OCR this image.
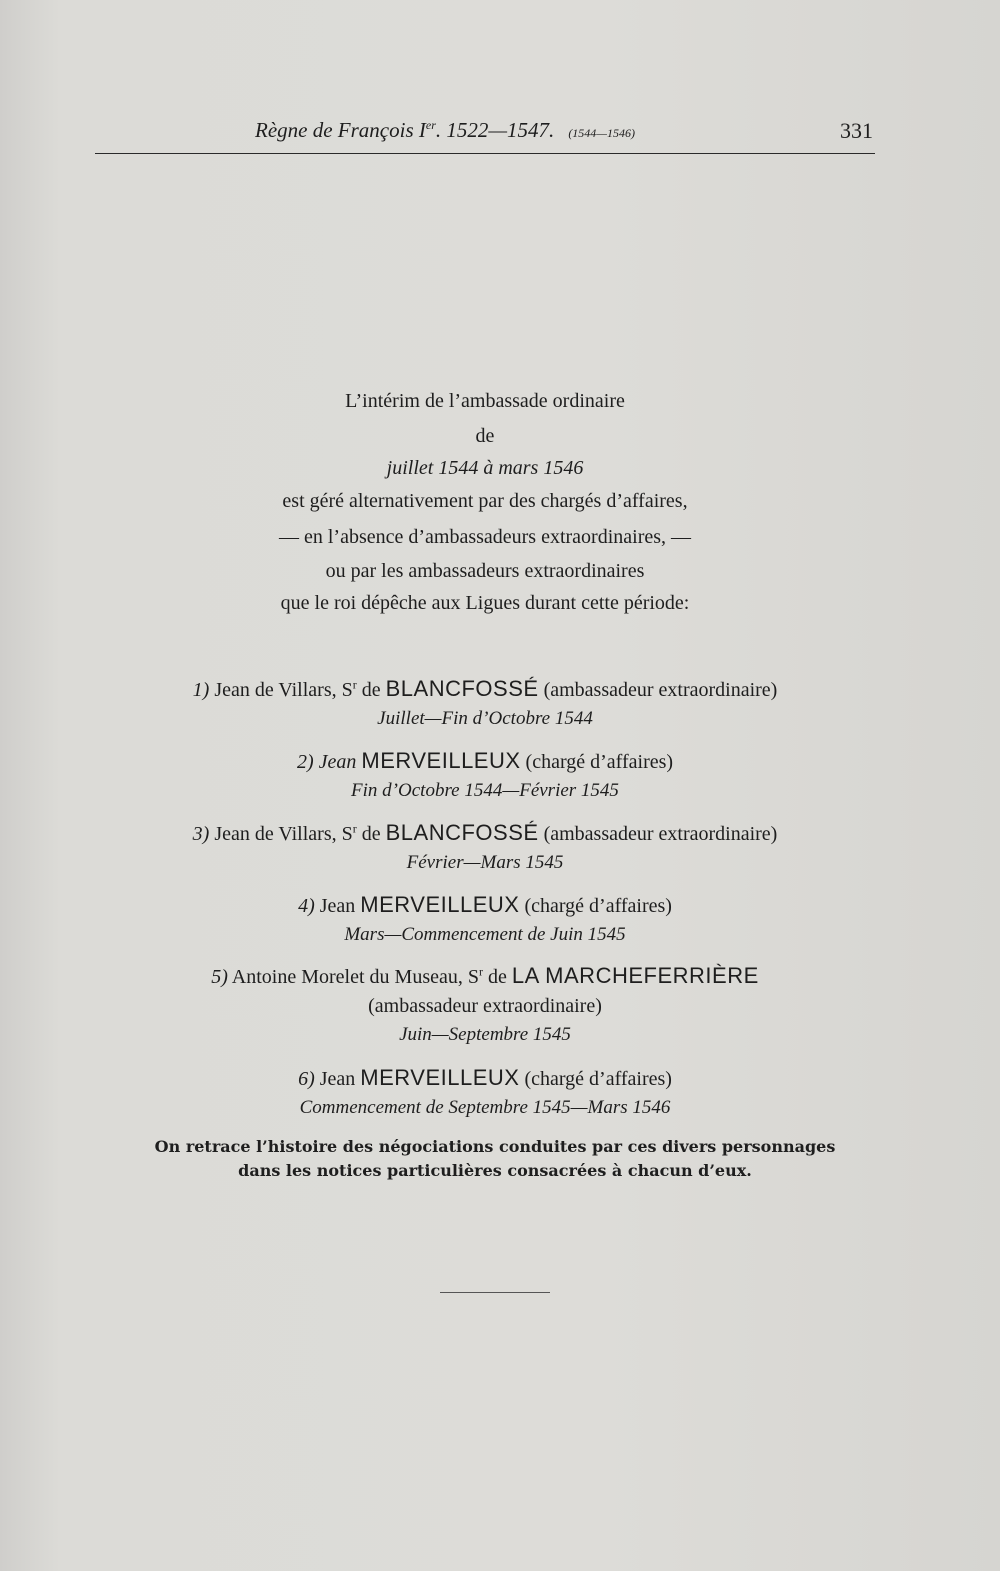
Règne de François Ier. 1522—1547. (1544—1546)	331
L’intérim de l’ambassade ordinaire
de
juillet 1544 à mars 1546
est géré alternativement par des chargés d’affaires,
— en l’absence d’ambassadeurs extraordinaires, —
ou par les ambassadeurs extraordinaires
que le roi dépêche aux Ligues durant cette période:
1) Jean de Villars, $S^r$ de BLANCFOSSÉ (ambassadeur extraordinaire)
Juillet—Fin d’Octobre 1544
2) Jean MERVEILLEUX (chargé d’affaires)
Fin d’Octobre 1544—Février 1545
3) Jean de Villars, $S^r$ de BLANCFOSSÉ (ambassadeur extraordinaire)
Février—Mars 1545
4) Jean MERVEILLEUX (chargé d’affaires)
Mars—Commencement de Juin 1545
5) Antoine Morelet du Museau, $S^r$ de LA MARCHEFERRIÈRE
(ambassadeur extraordinaire)
Juin—Septembre 1545
6) Jean MERVEILLEUX (chargé d’affaires)
Commencement de Septembre 1545—Mars 1546
On retrace l’histoire des négociations conduites par ces divers personnages
dans les notices particulières consacrées à chacun d’eux.
